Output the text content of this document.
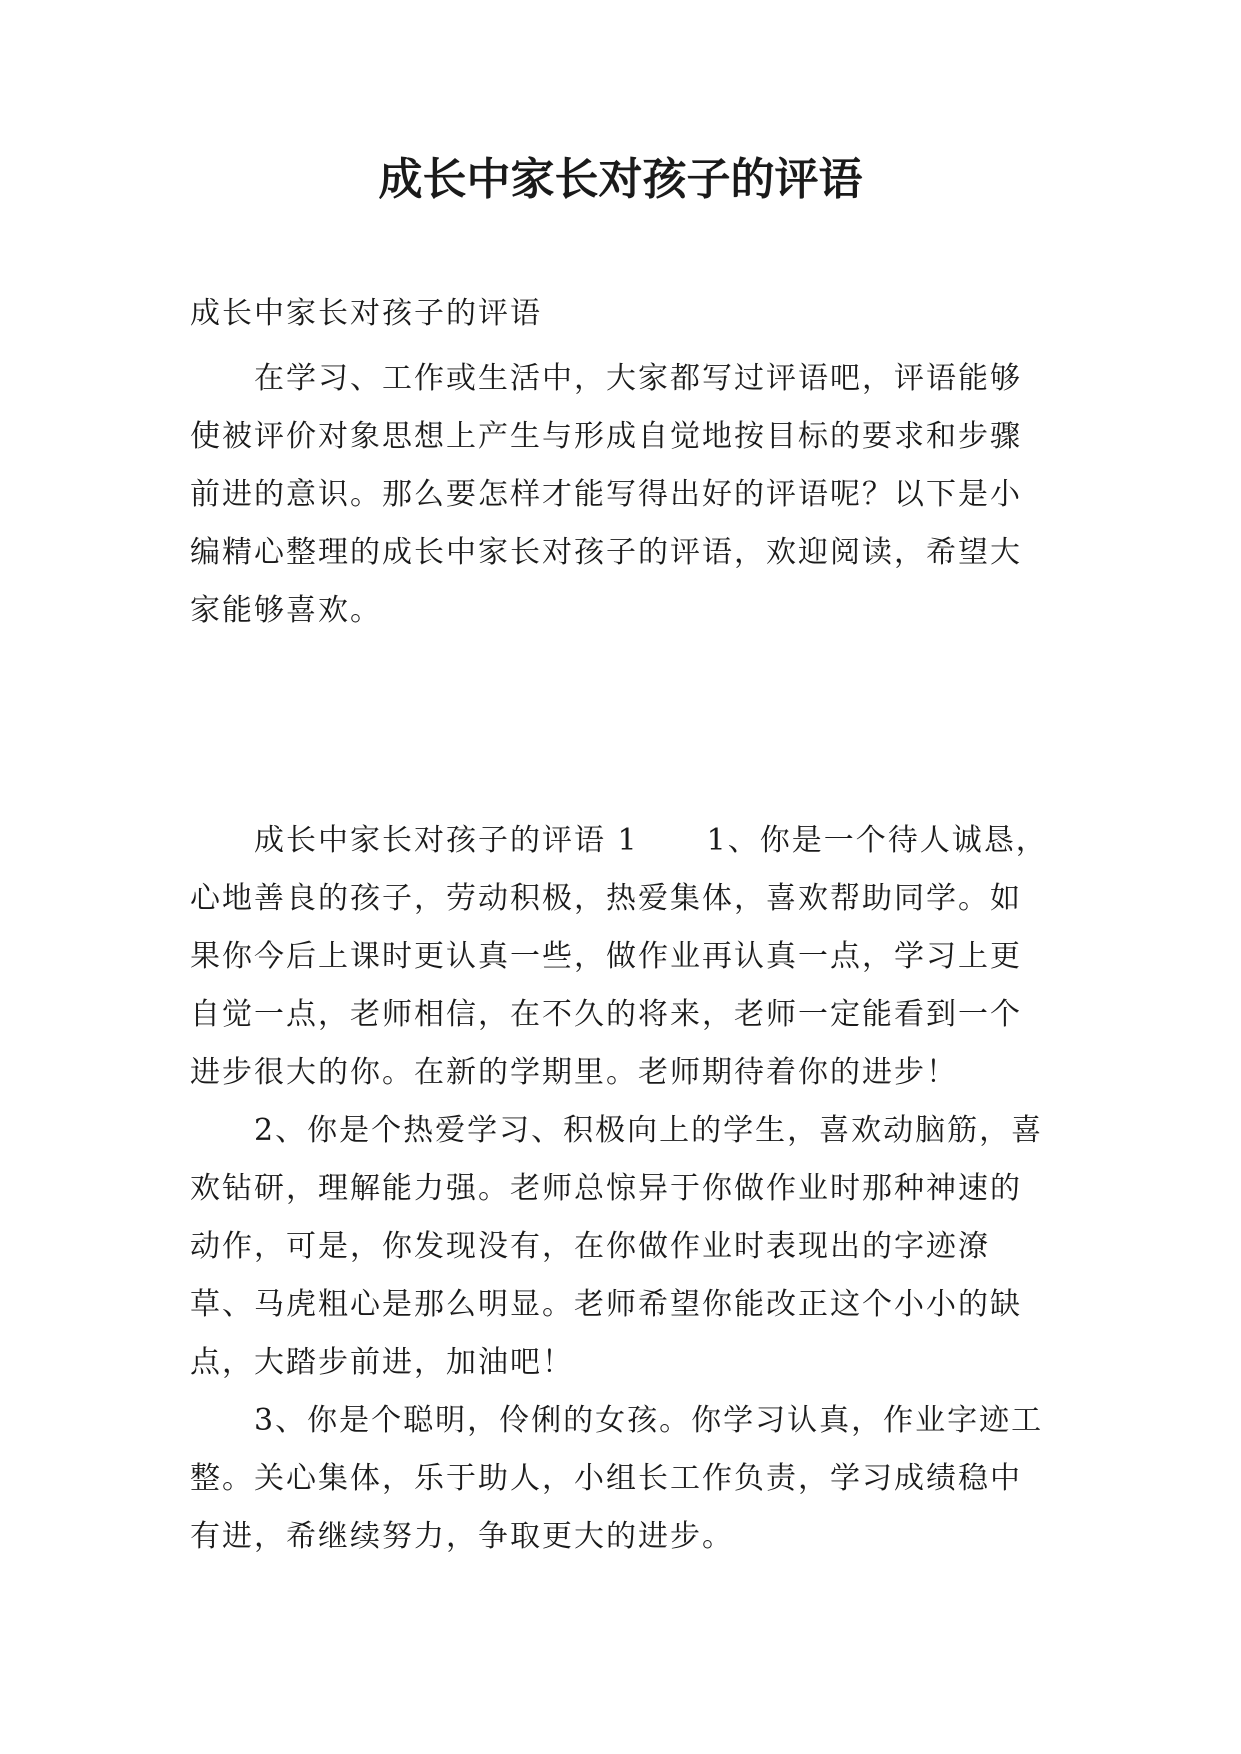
成长中家长对孩子的评语

成长中家长对孩子的评语

在学习、工作或生活中，大家都写过评语吧，评语能够使被评价对象思想上产生与形成自觉地按目标的要求和步骤前进的意识。那么要怎样才能写得出好的评语呢？以下是小编精心整理的成长中家长对孩子的评语，欢迎阅读，希望大家能够喜欢。

成长中家长对孩子的评语 1 1、你是一个待人诚恳，心地善良的孩子，劳动积极，热爱集体，喜欢帮助同学。如果你今后上课时更认真一些，做作业再认真一点，学习上更自觉一点，老师相信，在不久的将来，老师一定能看到一个进步很大的你。在新的学期里。老师期待着你的进步！

2、你是个热爱学习、积极向上的学生，喜欢动脑筋，喜欢钻研，理解能力强。老师总惊异于你做作业时那种神速的动作，可是，你发现没有，在你做作业时表现出的字迹潦草、马虎粗心是那么明显。老师希望你能改正这个小小的缺点，大踏步前进，加油吧！

3、你是个聪明，伶俐的女孩。你学习认真，作业字迹工整。关心集体，乐于助人，小组长工作负责，学习成绩稳中有进，希继续努力，争取更大的进步。
